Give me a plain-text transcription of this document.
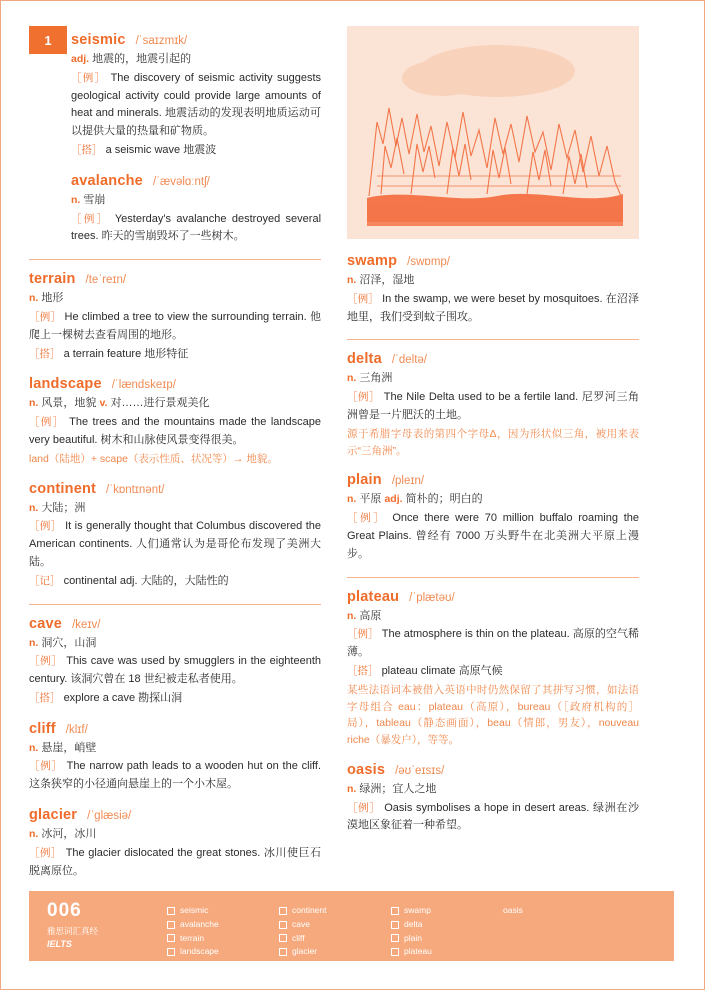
1 seismic /ˈsaɪzmɪk/
adj. 地震的，地震引起的
［例］ The discovery of seismic activity suggests geological activity could provide large amounts of heat and minerals. 地震活动的发现表明地质运动可以提供大量的热量和矿物质。
［搭］ a seismic wave 地震波
avalanche /ˈævəlɑːntʃ/
n. 雪崩
［例］ Yesterday's avalanche destroyed several trees. 昨天的雪崩毁坏了一些树木。
terrain /teˈreɪn/
n. 地形
［例］ He climbed a tree to view the surrounding terrain. 他爬上一棵树去查看周围的地形。
［搭］ a terrain feature 地形特征
landscape /ˈlændskeɪp/
n. 风景，地貌 v. 对……进行景观美化
［例］ The trees and the mountains made the landscape very beautiful. 树木和山脉使风景变得很美。
land（陆地）+ scape（表示性质、状况等）→ 地貌。
continent /ˈkɒntɪnənt/
n. 大陆；洲
［例］ It is generally thought that Columbus discovered the American continents. 人们通常认为是哥伦布发现了美洲大陆。
［记］ continental adj. 大陆的，大陆性的
cave /keɪv/
n. 洞穴，山洞
［例］ This cave was used by smugglers in the eighteenth century. 该洞穴曾在 18 世纪被走私者使用。
［搭］ explore a cave 勘探山洞
cliff /klɪf/
n. 悬崖，峭壁
［例］ The narrow path leads to a wooden hut on the cliff. 这条狭窄的小径通向悬崖上的一个小木屋。
glacier /ˈɡlæsiə/
n. 冰河，冰川
［例］ The glacier dislocated the great stones. 冰川使巨石脱离原位。
swamp /swɒmp/
n. 沼泽，湿地
［例］ In the swamp, we were beset by mosquitoes. 在沼泽地里，我们受到蚊子围攻。
delta /ˈdeltə/
n. 三角洲
［例］ The Nile Delta used to be a fertile land. 尼罗河三角洲曾是一片肥沃的土地。
源于希腊字母表的第四个字母Δ，因为形状似三角，被用来表示“三角洲”。
plain /pleɪn/
n. 平原 adj. 简朴的；明白的
［例］ Once there were 70 million buffalo roaming the Great Plains. 曾经有 7000 万头野牛在北美洲大平原上漫步。
plateau /ˈplætəʊ/
n. 高原
［例］ The atmosphere is thin on the plateau. 高原的空气稀薄。
［搭］ plateau climate 高原气候
某些法语词本被借入英语中时仍然保留了其拼写习惯，如法语字母组合 eau：plateau（高原），bureau（［政府机构的］局），tableau（静态画面），beau（情郎，男友），nouveau riche（暴发户），等等。
oasis /əʊˈeɪsɪs/
n. 绿洲；宜人之地
［例］ Oasis symbolises a hope in desert areas. 绿洲在沙漠地区象征着一种希望。
006
雅思词汇真经
IELTS
seismic
avalanche
terrain
landscape
continent
cave
cliff
glacier
swamp
delta
plain
plateau
oasis
